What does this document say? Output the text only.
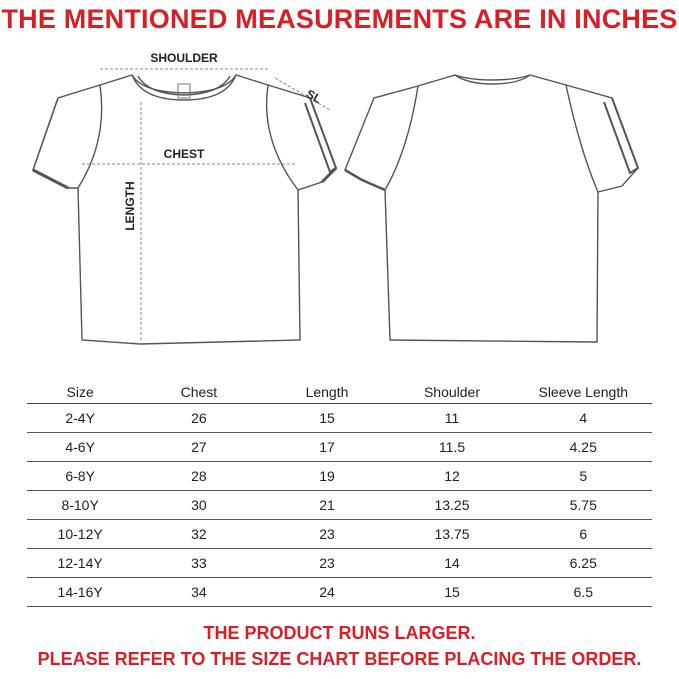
THE MENTIONED MEASUREMENTS ARE IN INCHES
SHOULDER
SL
CHEST
LENGTH
Size	Chest	Length	Shoulder	Sleeve Length
2-4Y	26	15	11	4
4-6Y	27	17	11.5	4.25
6-8Y	28	19	12	5
8-10Y	30	21	13.25	5.75
10-12Y	32	23	13.75	6
12-14Y	33	23	14	6.25
14-16Y	34	24	15	6.5
THE PRODUCT RUNS LARGER.
PLEASE REFER TO THE SIZE CHART BEFORE PLACING THE ORDER.
